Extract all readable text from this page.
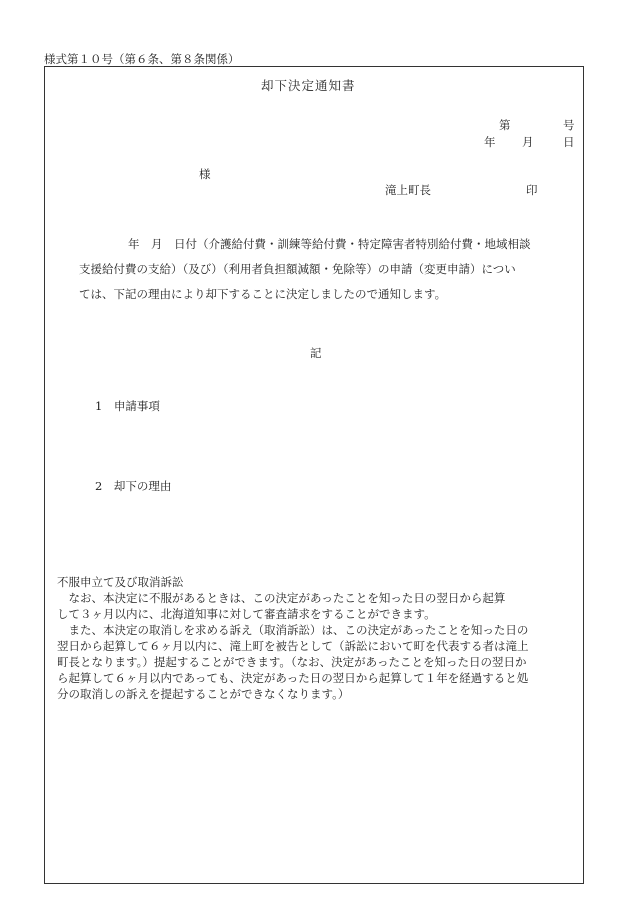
様式第１０号（第６条、第８条関係）
却下決定通知書
第	号
年 月	日
様
滝上町長	印
年　月　日付（介護給付費・訓練等給付費・特定障害者特別給付費・地域相談
支援給付費の支給）（及び）（利用者負担額減額・免除等）の申請（変更申請）につい
ては、下記の理由により却下することに決定しましたので通知します。
記
1　申請事項
2　却下の理由
不服申立て及び取消訴訟
　なお、本決定に不服があるときは、この決定があったことを知った日の翌日から起算
して３ヶ月以内に、北海道知事に対して審査請求をすることができます。
　また、本決定の取消しを求める訴え（取消訴訟）は、この決定があったことを知った日の
翌日から起算して６ヶ月以内に、滝上町を被告として（訴訟において町を代表する者は滝上
町長となります。）提起することができます。（なお、決定があったことを知った日の翌日か
ら起算して６ヶ月以内であっても、決定があった日の翌日から起算して１年を経過すると処
分の取消しの訴えを提起することができなくなります。）
